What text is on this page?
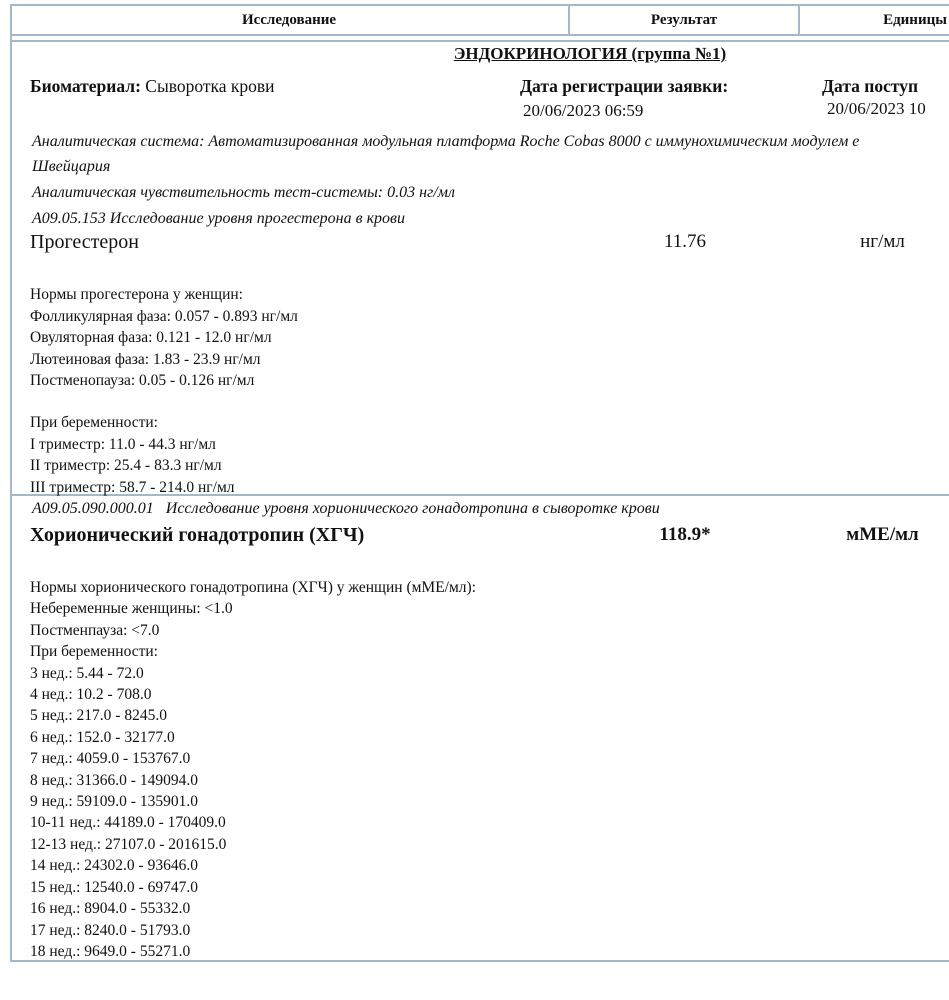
Исследование	Результат	Единицы
ЭНДОКРИНОЛОГИЯ (группа №1)
Биоматериал: Сыворотка крови	Дата регистрации заявки:
20/06/2023 06:59
Дата поступ
20/06/2023 10
Аналитическая система: Автоматизированная модульная платформа Roche Cobas 8000 с иммунохимическим модулем е
Швейцария
Аналитическая чувствительность тест-системы: 0.03 нг/мл
А09.05.153 Исследование уровня прогестерона в крови
Прогестерон	11.76	нг/мл
Нормы прогестерона у женщин:
Фолликулярная фаза: 0.057 - 0.893 нг/мл
Овуляторная фаза: 0.121 - 12.0 нг/мл
Лютеиновая фаза: 1.83 - 23.9 нг/мл
Постменопауза: 0.05 - 0.126 нг/мл
При беременности:
I триместр: 11.0 - 44.3 нг/мл
II триместр: 25.4 - 83.3 нг/мл
III триместр: 58.7 - 214.0 нг/мл
А09.05.090.000.01   Исследование уровня хорионического гонадотропина в сыворотке крови
Хорионический гонадотропин (ХГЧ)	118.9*	мМЕ/мл
Нормы хорионического гонадотропина (ХГЧ) у женщин (мМЕ/мл):
Небеременные женщины: <1.0
Постменпауза: <7.0
При беременности:
3 нед.: 5.44 - 72.0
4 нед.: 10.2 - 708.0
5 нед.: 217.0 - 8245.0
6 нед.: 152.0 - 32177.0
7 нед.: 4059.0 - 153767.0
8 нед.: 31366.0 - 149094.0
9 нед.: 59109.0 - 135901.0
10-11 нед.: 44189.0 - 170409.0
12-13 нед.: 27107.0 - 201615.0
14 нед.: 24302.0 - 93646.0
15 нед.: 12540.0 - 69747.0
16 нед.: 8904.0 - 55332.0
17 нед.: 8240.0 - 51793.0
18 нед.: 9649.0 - 55271.0
